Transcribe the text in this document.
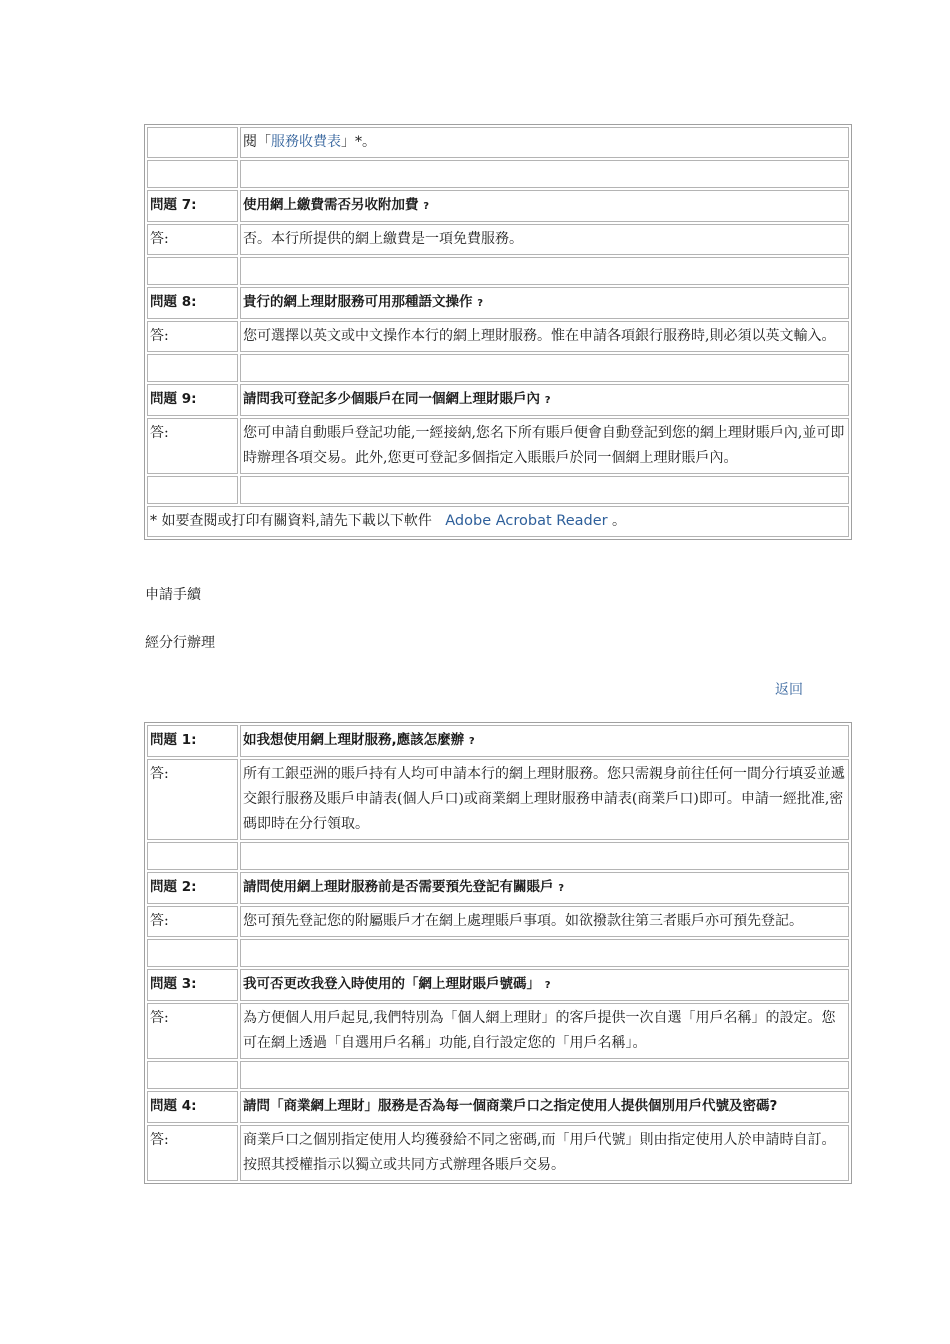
	閱「服務收費表」*。

問題 7:	使用網上繳費需否另收附加費 ?
答:	否。本行所提供的網上繳費是一項免費服務。

問題 8:	貴行的網上理財服務可用那種語文操作 ?
答:	您可選擇以英文或中文操作本行的網上理財服務。惟在申請各項銀行服務時,則必須以英文輸入。

問題 9:	請問我可登記多少個賬戶在同一個網上理財賬戶內 ?
答:	您可申請自動賬戶登記功能,一經接納,您名下所有賬戶便會自動登記到您的網上理財賬戶內,並可即時辦理各項交易。此外,您更可登記多個指定入賬賬戶於同一個網上理財賬戶內。

* 如要查閱或打印有關資料,請先下載以下軟件 Adobe Acrobat Reader 。	
申請手續
經分行辦理
返回
問題 1:	如我想使用網上理財服務,應該怎麼辦 ?
答:	所有工銀亞洲的賬戶持有人均可申請本行的網上理財服務。您只需親身前往任何一間分行填妥並遞交銀行服務及賬戶申請表(個人戶口)或商業網上理財服務申請表(商業戶口)即可。申請一經批准,密碼即時在分行領取。

問題 2:	請問使用網上理財服務前是否需要預先登記有關賬戶 ?
答:	您可預先登記您的附屬賬戶才在網上處理賬戶事項。如欲撥款往第三者賬戶亦可預先登記。

問題 3:	我可否更改我登入時使用的「網上理財賬戶號碼」 ?
答:	為方便個人用戶起見,我們特別為「個人網上理財」的客戶提供一次自選「用戶名稱」的設定。您可在網上透過「自選用戶名稱」功能,自行設定您的「用戶名稱」。

問題 4:	請問「商業網上理財」服務是否為每一個商業戶口之指定使用人提供個別用戶代號及密碼?
答:	商業戶口之個別指定使用人均獲發給不同之密碼,而「用戶代號」則由指定使用人於申請時自訂。按照其授權指示以獨立或共同方式辦理各賬戶交易。
